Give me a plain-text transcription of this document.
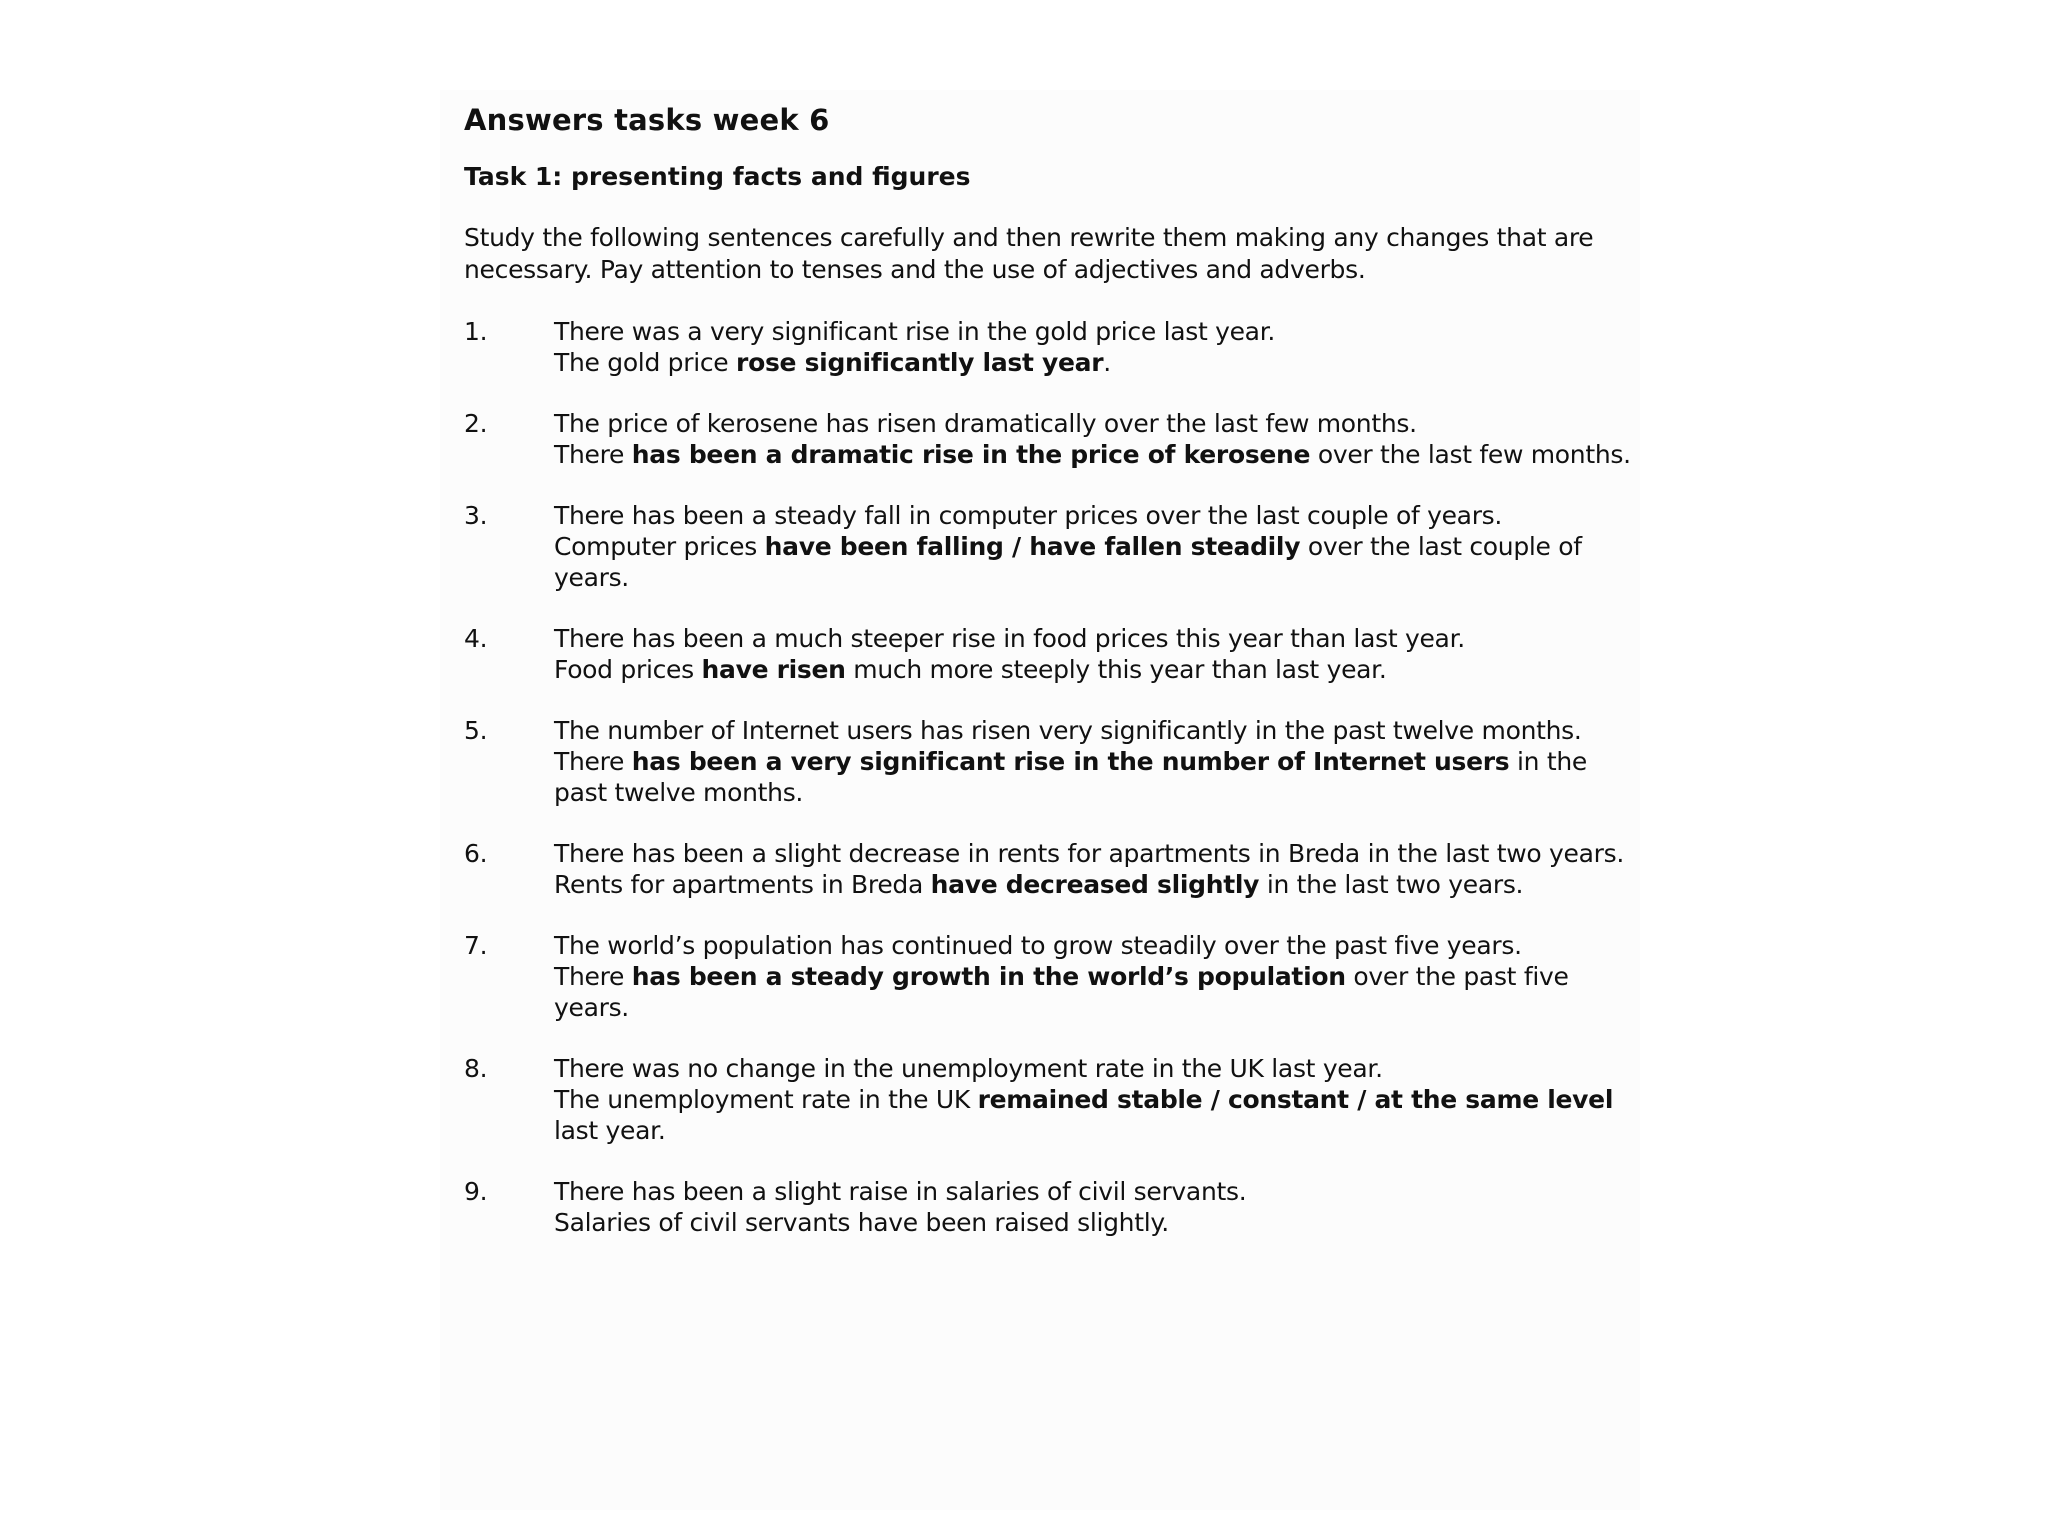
Answers tasks week 6
Task 1: presenting facts and figures
Study the following sentences carefully and then rewrite them making any changes that are necessary. Pay attention to tenses and the use of adjectives and adverbs.
1.	There was a very significant rise in the gold price last year.
The gold price rose significantly last year.
2.	The price of kerosene has risen dramatically over the last few months.
There has been a dramatic rise in the price of kerosene over the last few months.
3.	There has been a steady fall in computer prices over the last couple of years.
Computer prices have been falling / have fallen steadily over the last couple of years.
4.	There has been a much steeper rise in food prices this year than last year.
Food prices have risen much more steeply this year than last year.
5.	The number of Internet users has risen very significantly in the past twelve months.
There has been a very significant rise in the number of Internet users in the past twelve months.
6.	There has been a slight decrease in rents for apartments in Breda in the last two years.
Rents for apartments in Breda have decreased slightly in the last two years.
7.	The world’s population has continued to grow steadily over the past five years.
There has been a steady growth in the world’s population over the past five years.
8.	There was no change in the unemployment rate in the UK last year.
The unemployment rate in the UK remained stable / constant / at the same level last year.
9.	There has been a slight raise in salaries of civil servants.
Salaries of civil servants have been raised slightly.
